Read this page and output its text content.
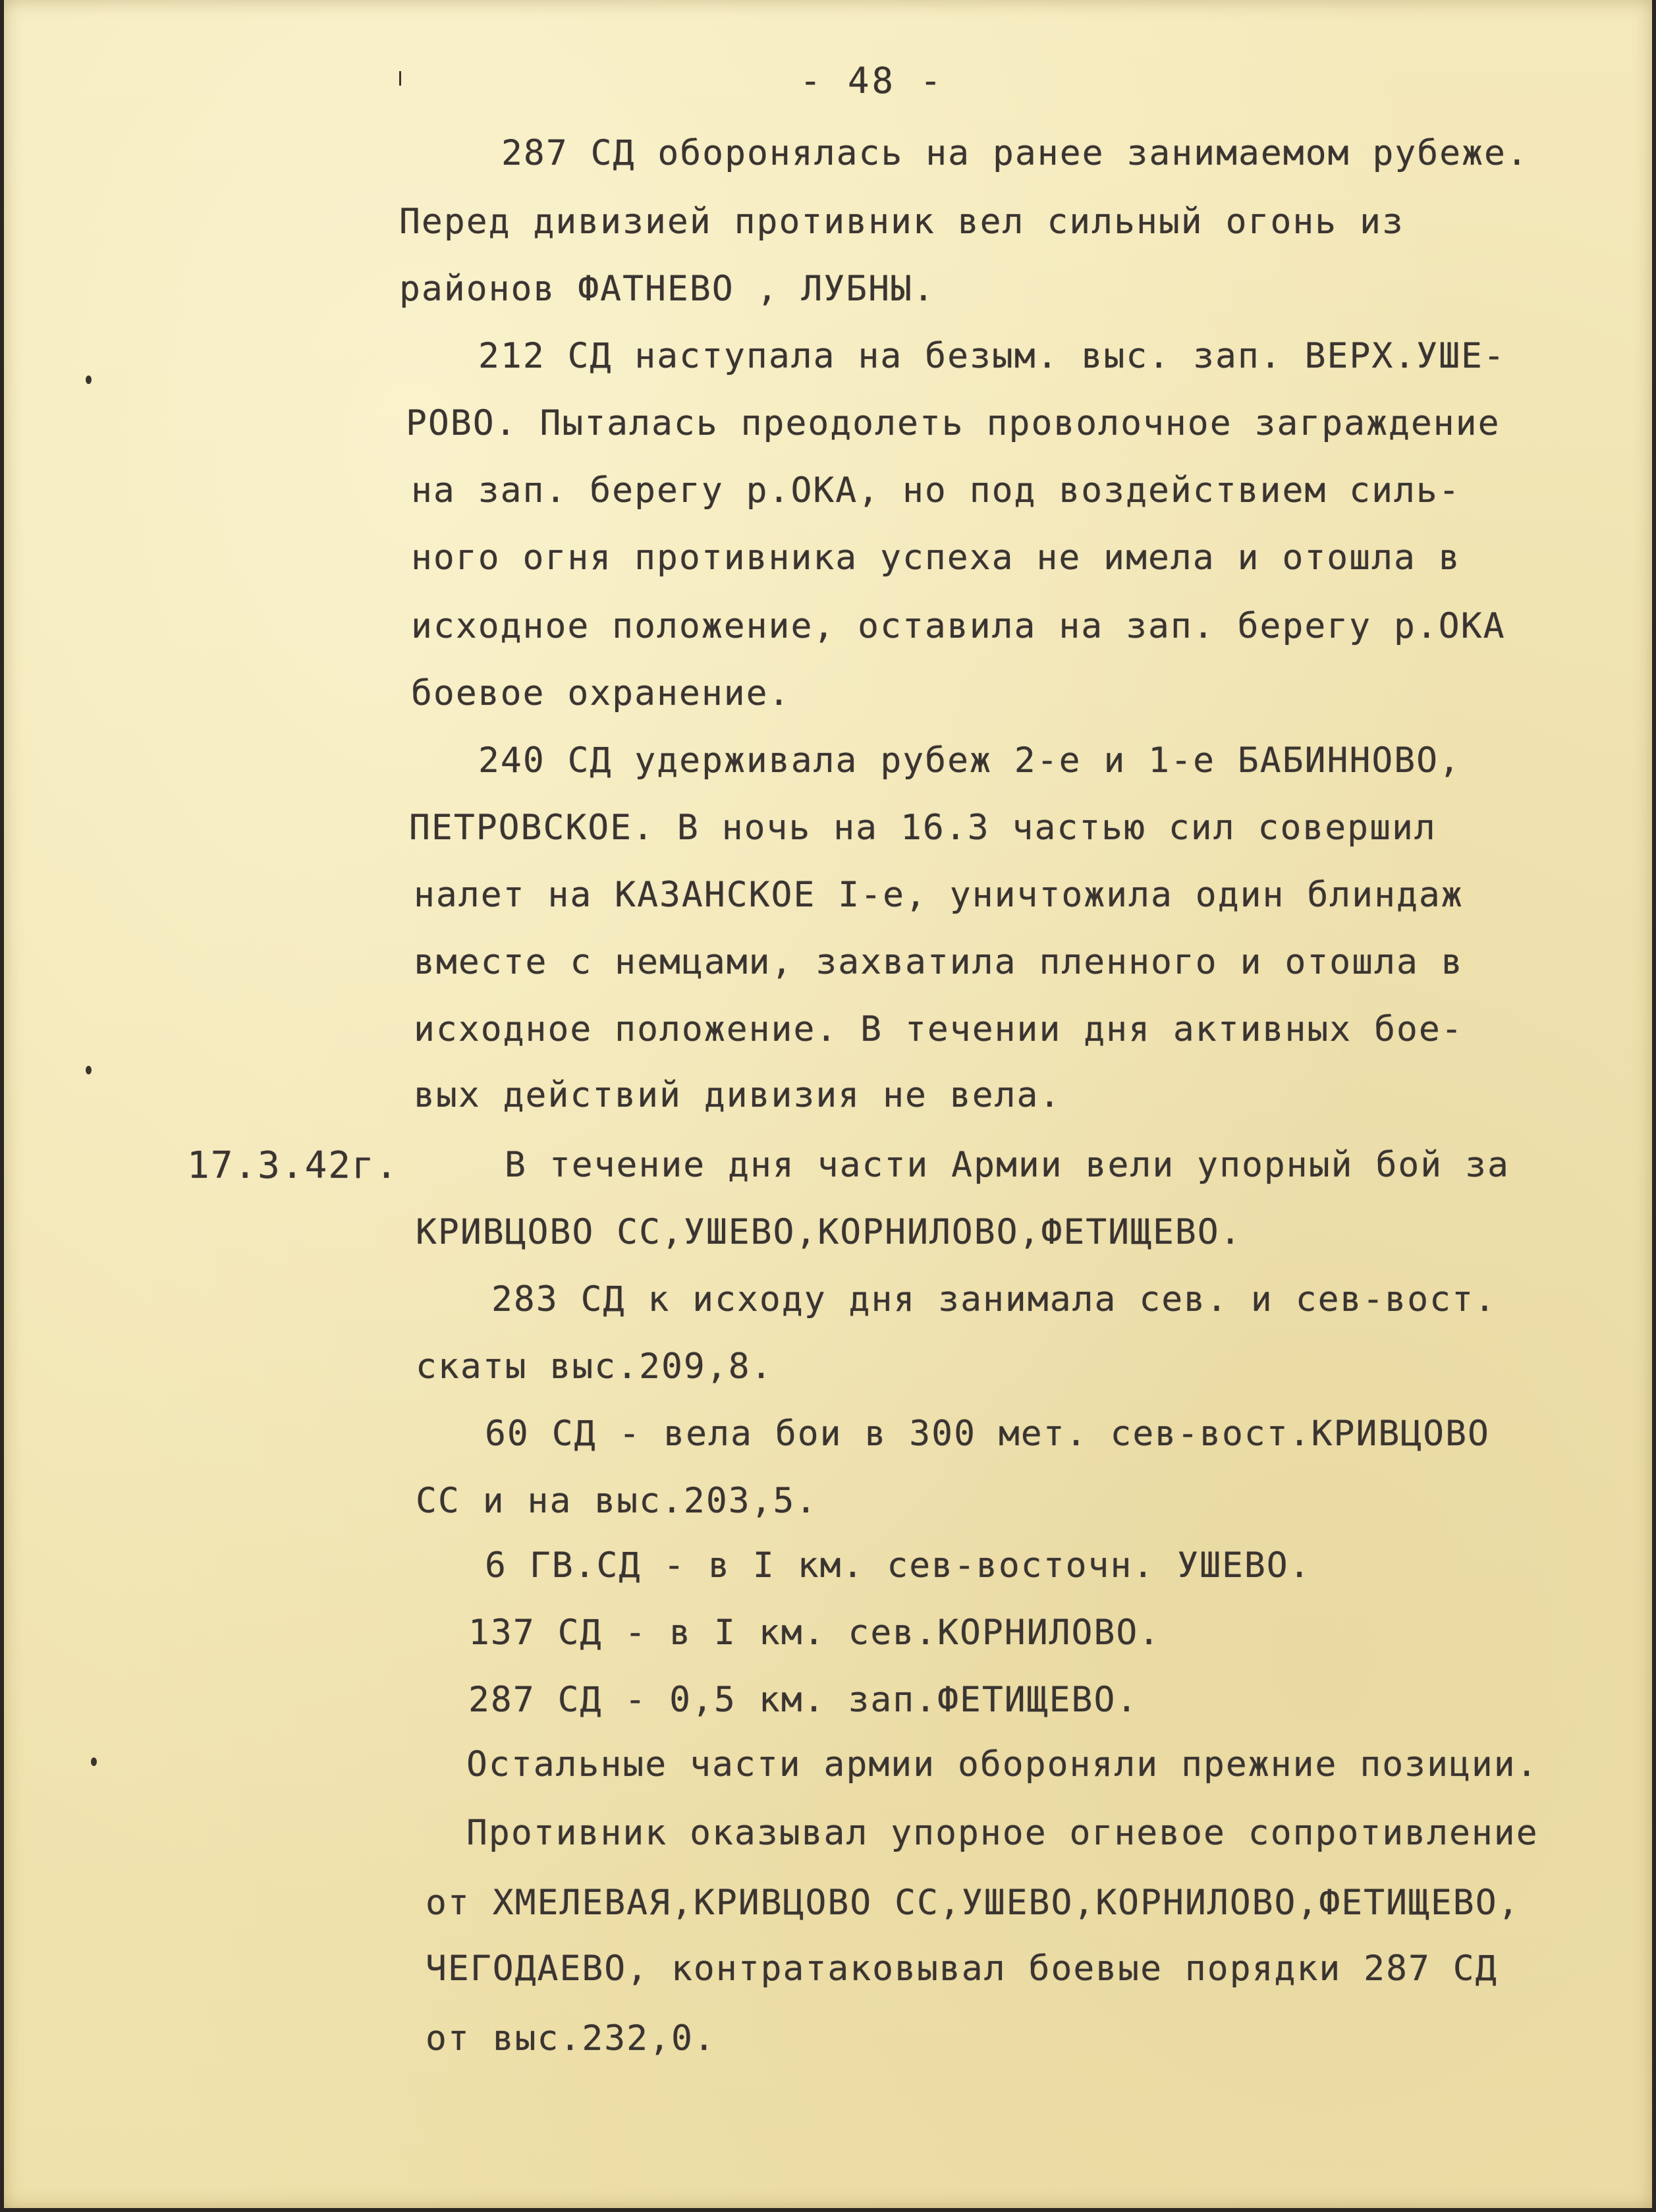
- 48 -

287 СД оборонялась на ранее занимаемом рубеже.

Перед дивизией противник вел сильный огонь из

районов ФАТНЕВО , ЛУБНЫ.

212 СД наступала на безым. выс. зап. ВЕРХ.УШЕ-

РОВО. Пыталась преодолеть проволочное заграждение

на зап. берегу р.ОКА, но под воздействием силь-

ного огня противника успеха не имела и отошла в

исходное положение, оставила на зап. берегу р.ОКА

боевое охранение.

240 СД удерживала рубеж 2-е и 1-е БАБИННОВО,

ПЕТРОВСКОЕ. В ночь на 16.3 частью сил совершил

налет на КАЗАНСКОЕ I-е, уничтожила один блиндаж

вместе с немцами, захватила пленного и отошла в

исходное положение. В течении дня активных бое-

вых действий дивизия не вела.

17.3.42г.	В течение дня части Армии вели упорный бой за

КРИВЦОВО СС,УШЕВО,КОРНИЛОВО,ФЕТИЩЕВО.

283 СД к исходу дня занимала сев. и сев-вост.

скаты выс.209,8.

60 СД - вела бои в 300 мет. сев-вост.КРИВЦОВО

СС и на выс.203,5.

6 ГВ.СД - в I км. сев-восточн. УШЕВО.

137 СД - в I км. сев.КОРНИЛОВО.

287 СД - 0,5 км. зап.ФЕТИЩЕВО.

Остальные части армии обороняли прежние позиции.

Противник оказывал упорное огневое сопротивление

от ХМЕЛЕВАЯ,КРИВЦОВО СС,УШЕВО,КОРНИЛОВО,ФЕТИЩЕВО,

ЧЕГОДАЕВО, контратаковывал боевые порядки 287 СД

от выс.232,0.
